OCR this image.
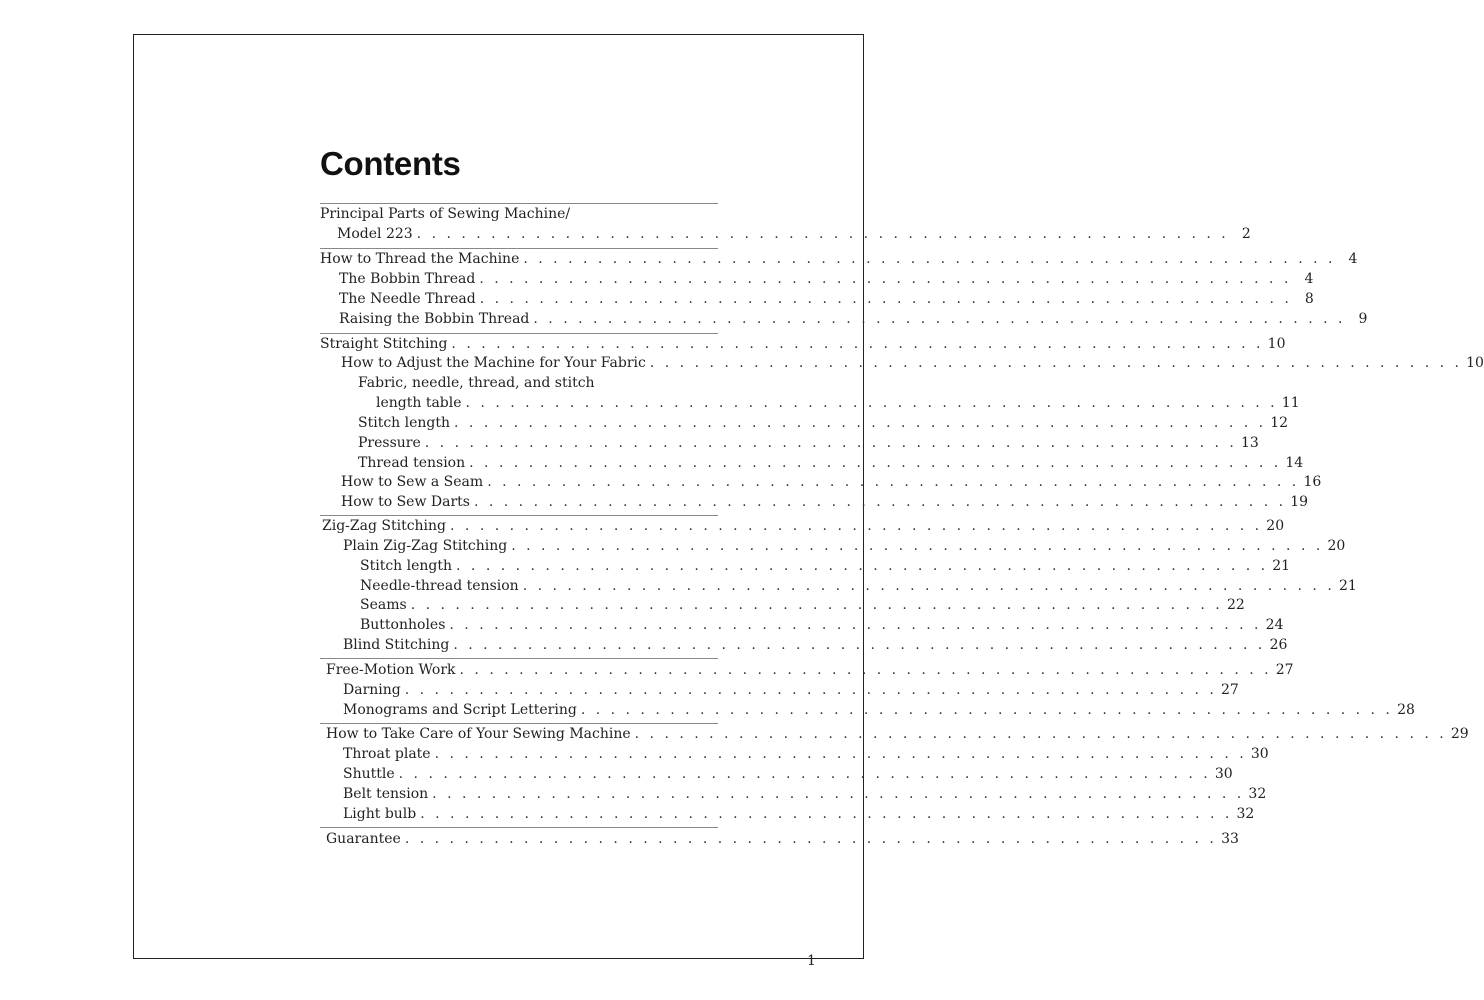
Contents
Principal Parts of Sewing Machine/
Model 223 . . . . . . . . . . . . . . . . . . . . . . . . . . . . . . . . . . . . . . . . . . . . . . . . . . . . . . . 2
How to Thread the Machine . . . . . . . . . . . . . . . . . . . . . . . . . . . . . . . . . . . . . . . . . . . . . . . . . . . . . . . 4
The Bobbin Thread . . . . . . . . . . . . . . . . . . . . . . . . . . . . . . . . . . . . . . . . . . . . . . . . . . . . . . . 4
The Needle Thread . . . . . . . . . . . . . . . . . . . . . . . . . . . . . . . . . . . . . . . . . . . . . . . . . . . . . . . 8
Raising the Bobbin Thread . . . . . . . . . . . . . . . . . . . . . . . . . . . . . . . . . . . . . . . . . . . . . . . . . . . . . . . 9
Straight Stitching . . . . . . . . . . . . . . . . . . . . . . . . . . . . . . . . . . . . . . . . . . . . . . . . . . . . . . . 10
How to Adjust the Machine for Your Fabric . . . . . . . . . . . . . . . . . . . . . . . . . . . . . . . . . . . . . . . . . . . . . . . . . . . . . . . 10
Fabric, needle, thread, and stitch
length table . . . . . . . . . . . . . . . . . . . . . . . . . . . . . . . . . . . . . . . . . . . . . . . . . . . . . . . 11
Stitch length . . . . . . . . . . . . . . . . . . . . . . . . . . . . . . . . . . . . . . . . . . . . . . . . . . . . . . . 12
Pressure . . . . . . . . . . . . . . . . . . . . . . . . . . . . . . . . . . . . . . . . . . . . . . . . . . . . . . . 13
Thread tension . . . . . . . . . . . . . . . . . . . . . . . . . . . . . . . . . . . . . . . . . . . . . . . . . . . . . . . 14
How to Sew a Seam . . . . . . . . . . . . . . . . . . . . . . . . . . . . . . . . . . . . . . . . . . . . . . . . . . . . . . . 16
How to Sew Darts . . . . . . . . . . . . . . . . . . . . . . . . . . . . . . . . . . . . . . . . . . . . . . . . . . . . . . . 19
Zig-Zag Stitching . . . . . . . . . . . . . . . . . . . . . . . . . . . . . . . . . . . . . . . . . . . . . . . . . . . . . . . 20
Plain Zig-Zag Stitching . . . . . . . . . . . . . . . . . . . . . . . . . . . . . . . . . . . . . . . . . . . . . . . . . . . . . . . 20
Stitch length . . . . . . . . . . . . . . . . . . . . . . . . . . . . . . . . . . . . . . . . . . . . . . . . . . . . . . . 21
Needle-thread tension . . . . . . . . . . . . . . . . . . . . . . . . . . . . . . . . . . . . . . . . . . . . . . . . . . . . . . . 21
Seams . . . . . . . . . . . . . . . . . . . . . . . . . . . . . . . . . . . . . . . . . . . . . . . . . . . . . . . 22
Buttonholes . . . . . . . . . . . . . . . . . . . . . . . . . . . . . . . . . . . . . . . . . . . . . . . . . . . . . . . 24
Blind Stitching . . . . . . . . . . . . . . . . . . . . . . . . . . . . . . . . . . . . . . . . . . . . . . . . . . . . . . . 26
Free-Motion Work . . . . . . . . . . . . . . . . . . . . . . . . . . . . . . . . . . . . . . . . . . . . . . . . . . . . . . . 27
Darning . . . . . . . . . . . . . . . . . . . . . . . . . . . . . . . . . . . . . . . . . . . . . . . . . . . . . . . 27
Monograms and Script Lettering . . . . . . . . . . . . . . . . . . . . . . . . . . . . . . . . . . . . . . . . . . . . . . . . . . . . . . . 28
How to Take Care of Your Sewing Machine . . . . . . . . . . . . . . . . . . . . . . . . . . . . . . . . . . . . . . . . . . . . . . . . . . . . . . . 29
Throat plate . . . . . . . . . . . . . . . . . . . . . . . . . . . . . . . . . . . . . . . . . . . . . . . . . . . . . . . 30
Shuttle . . . . . . . . . . . . . . . . . . . . . . . . . . . . . . . . . . . . . . . . . . . . . . . . . . . . . . . 30
Belt tension . . . . . . . . . . . . . . . . . . . . . . . . . . . . . . . . . . . . . . . . . . . . . . . . . . . . . . . 32
Light bulb . . . . . . . . . . . . . . . . . . . . . . . . . . . . . . . . . . . . . . . . . . . . . . . . . . . . . . . 32
Guarantee . . . . . . . . . . . . . . . . . . . . . . . . . . . . . . . . . . . . . . . . . . . . . . . . . . . . . . . 33
1
